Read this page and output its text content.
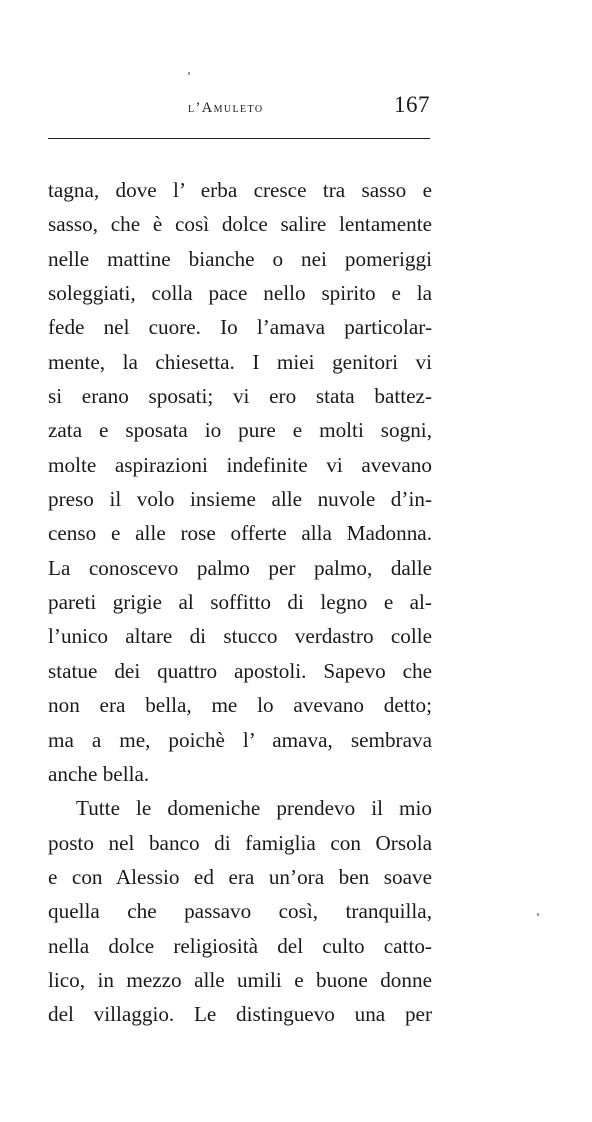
l’Amuleto	167
tagna, dove l’ erba cresce tra sasso e
sasso, che è così dolce salire lentamente
nelle mattine bianche o nei pomeriggi
soleggiati, colla pace nello spirito e la
fede nel cuore. Io l’amava particolar-
mente, la chiesetta. I miei genitori vi
si erano sposati; vi ero stata battez-
zata e sposata io pure e molti sogni,
molte aspirazioni indefinite vi avevano
preso il volo insieme alle nuvole d’in-
censo e alle rose offerte alla Madonna.
La conoscevo palmo per palmo, dalle
pareti grigie al soffitto di legno e al-
l’unico altare di stucco verdastro colle
statue dei quattro apostoli. Sapevo che
non era bella, me lo avevano detto;
ma a me, poichè l’ amava, sembrava
anche bella.
Tutte le domeniche prendevo il mio
posto nel banco di famiglia con Orsola
e con Alessio ed era un’ora ben soave
quella che passavo così, tranquilla,
nella dolce religiosità del culto catto-
lico, in mezzo alle umili e buone donne
del villaggio. Le distinguevo una per
